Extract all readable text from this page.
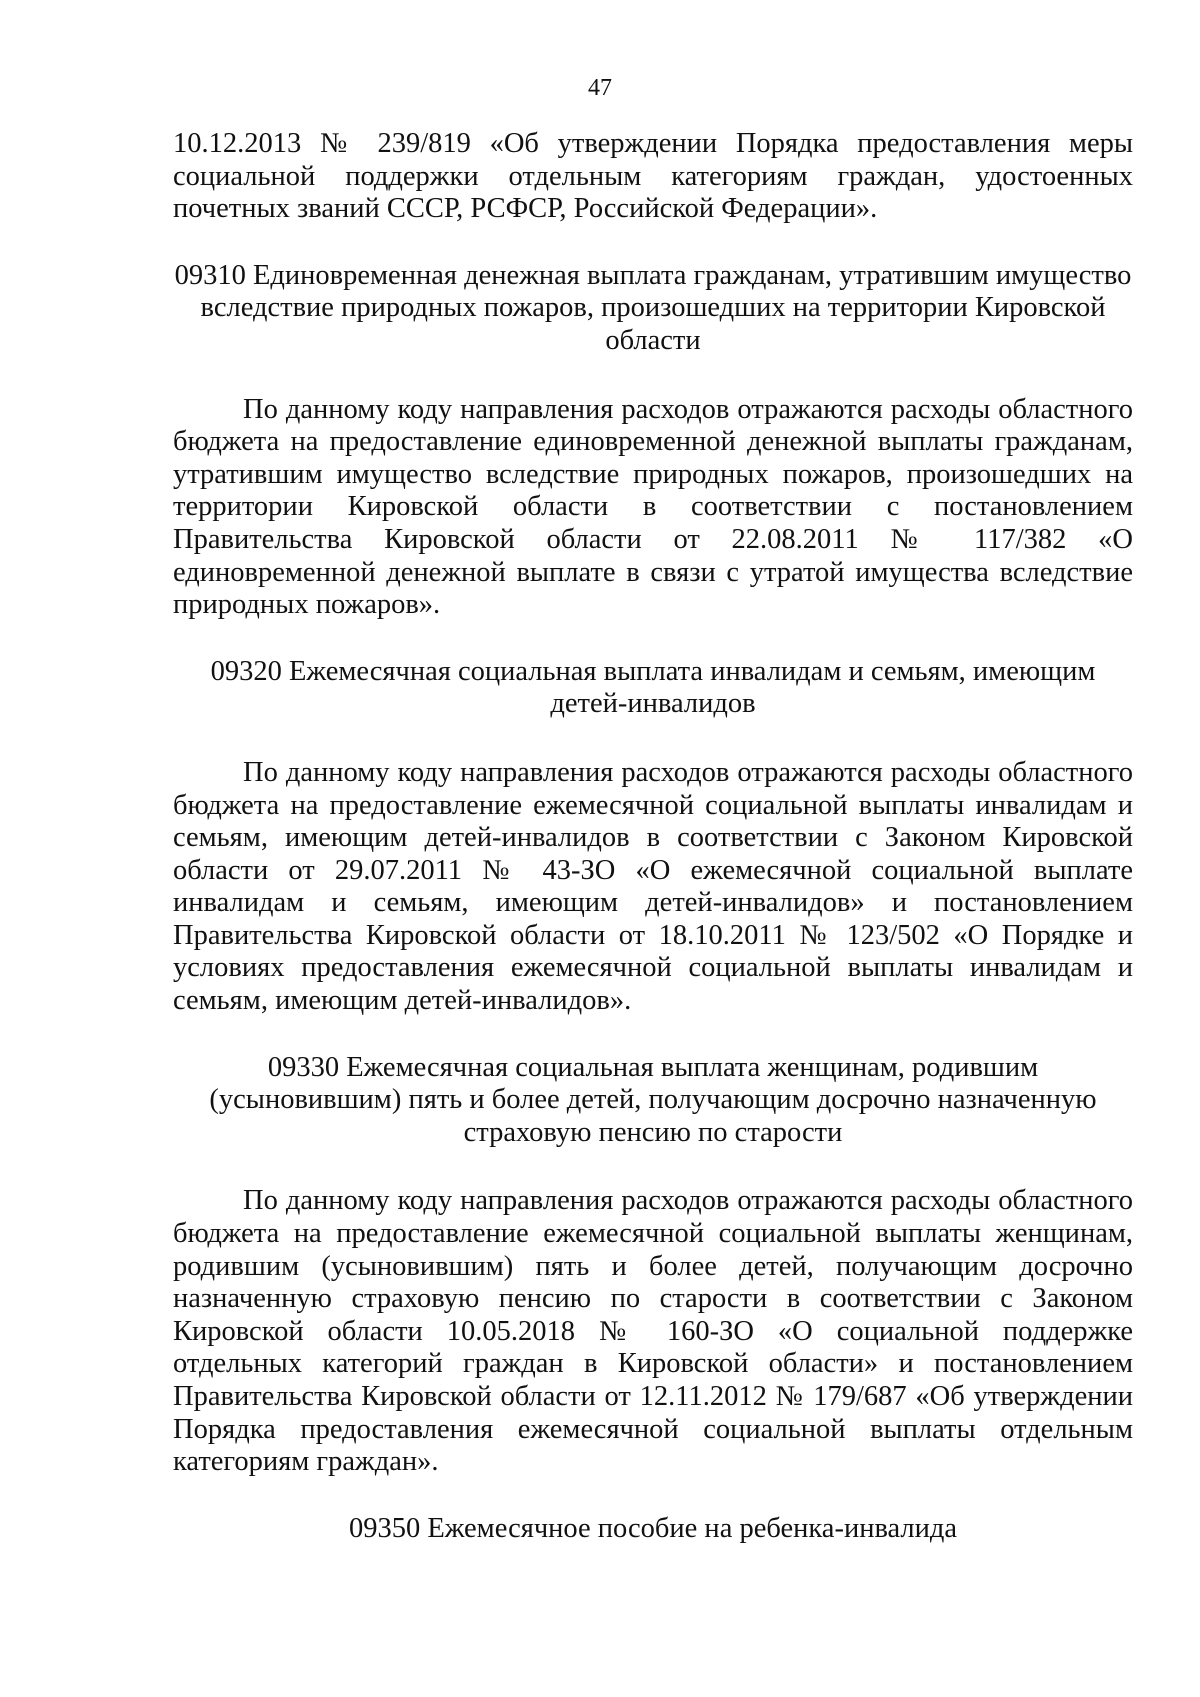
47

10.12.2013 № 239/819 «Об утверждении Порядка предоставления меры социальной поддержки отдельным категориям граждан, удостоенных почетных званий СССР, РСФСР, Российской Федерации».

09310 Единовременная денежная выплата гражданам, утратившим имущество вследствие природных пожаров, произошедших на территории Кировской области

По данному коду направления расходов отражаются расходы областного бюджета на предоставление единовременной денежной выплаты гражданам, утратившим имущество вследствие природных пожаров, произошедших на территории Кировской области в соответствии с постановлением Правительства Кировской области от 22.08.2011 № 117/382 «О единовременной денежной выплате в связи с утратой имущества вследствие природных пожаров».

09320 Ежемесячная социальная выплата инвалидам и семьям, имеющим детей-инвалидов

По данному коду направления расходов отражаются расходы областного бюджета на предоставление ежемесячной социальной выплаты инвалидам и семьям, имеющим детей-инвалидов в соответствии с Законом Кировской области от 29.07.2011 № 43-ЗО «О ежемесячной социальной выплате инвалидам и семьям, имеющим детей-инвалидов» и постановлением Правительства Кировской области от 18.10.2011 № 123/502 «О Порядке и условиях предоставления ежемесячной социальной выплаты инвалидам и семьям, имеющим детей-инвалидов».

09330 Ежемесячная социальная выплата женщинам, родившим (усыновившим) пять и более детей, получающим досрочно назначенную страховую пенсию по старости

По данному коду направления расходов отражаются расходы областного бюджета на предоставление ежемесячной социальной выплаты женщинам, родившим (усыновившим) пять и более детей, получающим досрочно назначенную страховую пенсию по старости в соответствии с Законом Кировской области 10.05.2018 № 160-ЗО «О социальной поддержке отдельных категорий граждан в Кировской области» и постановлением Правительства Кировской области от 12.11.2012 № 179/687 «Об утверждении Порядка предоставления ежемесячной социальной выплаты отдельным категориям граждан».

09350 Ежемесячное пособие на ребенка-инвалида
